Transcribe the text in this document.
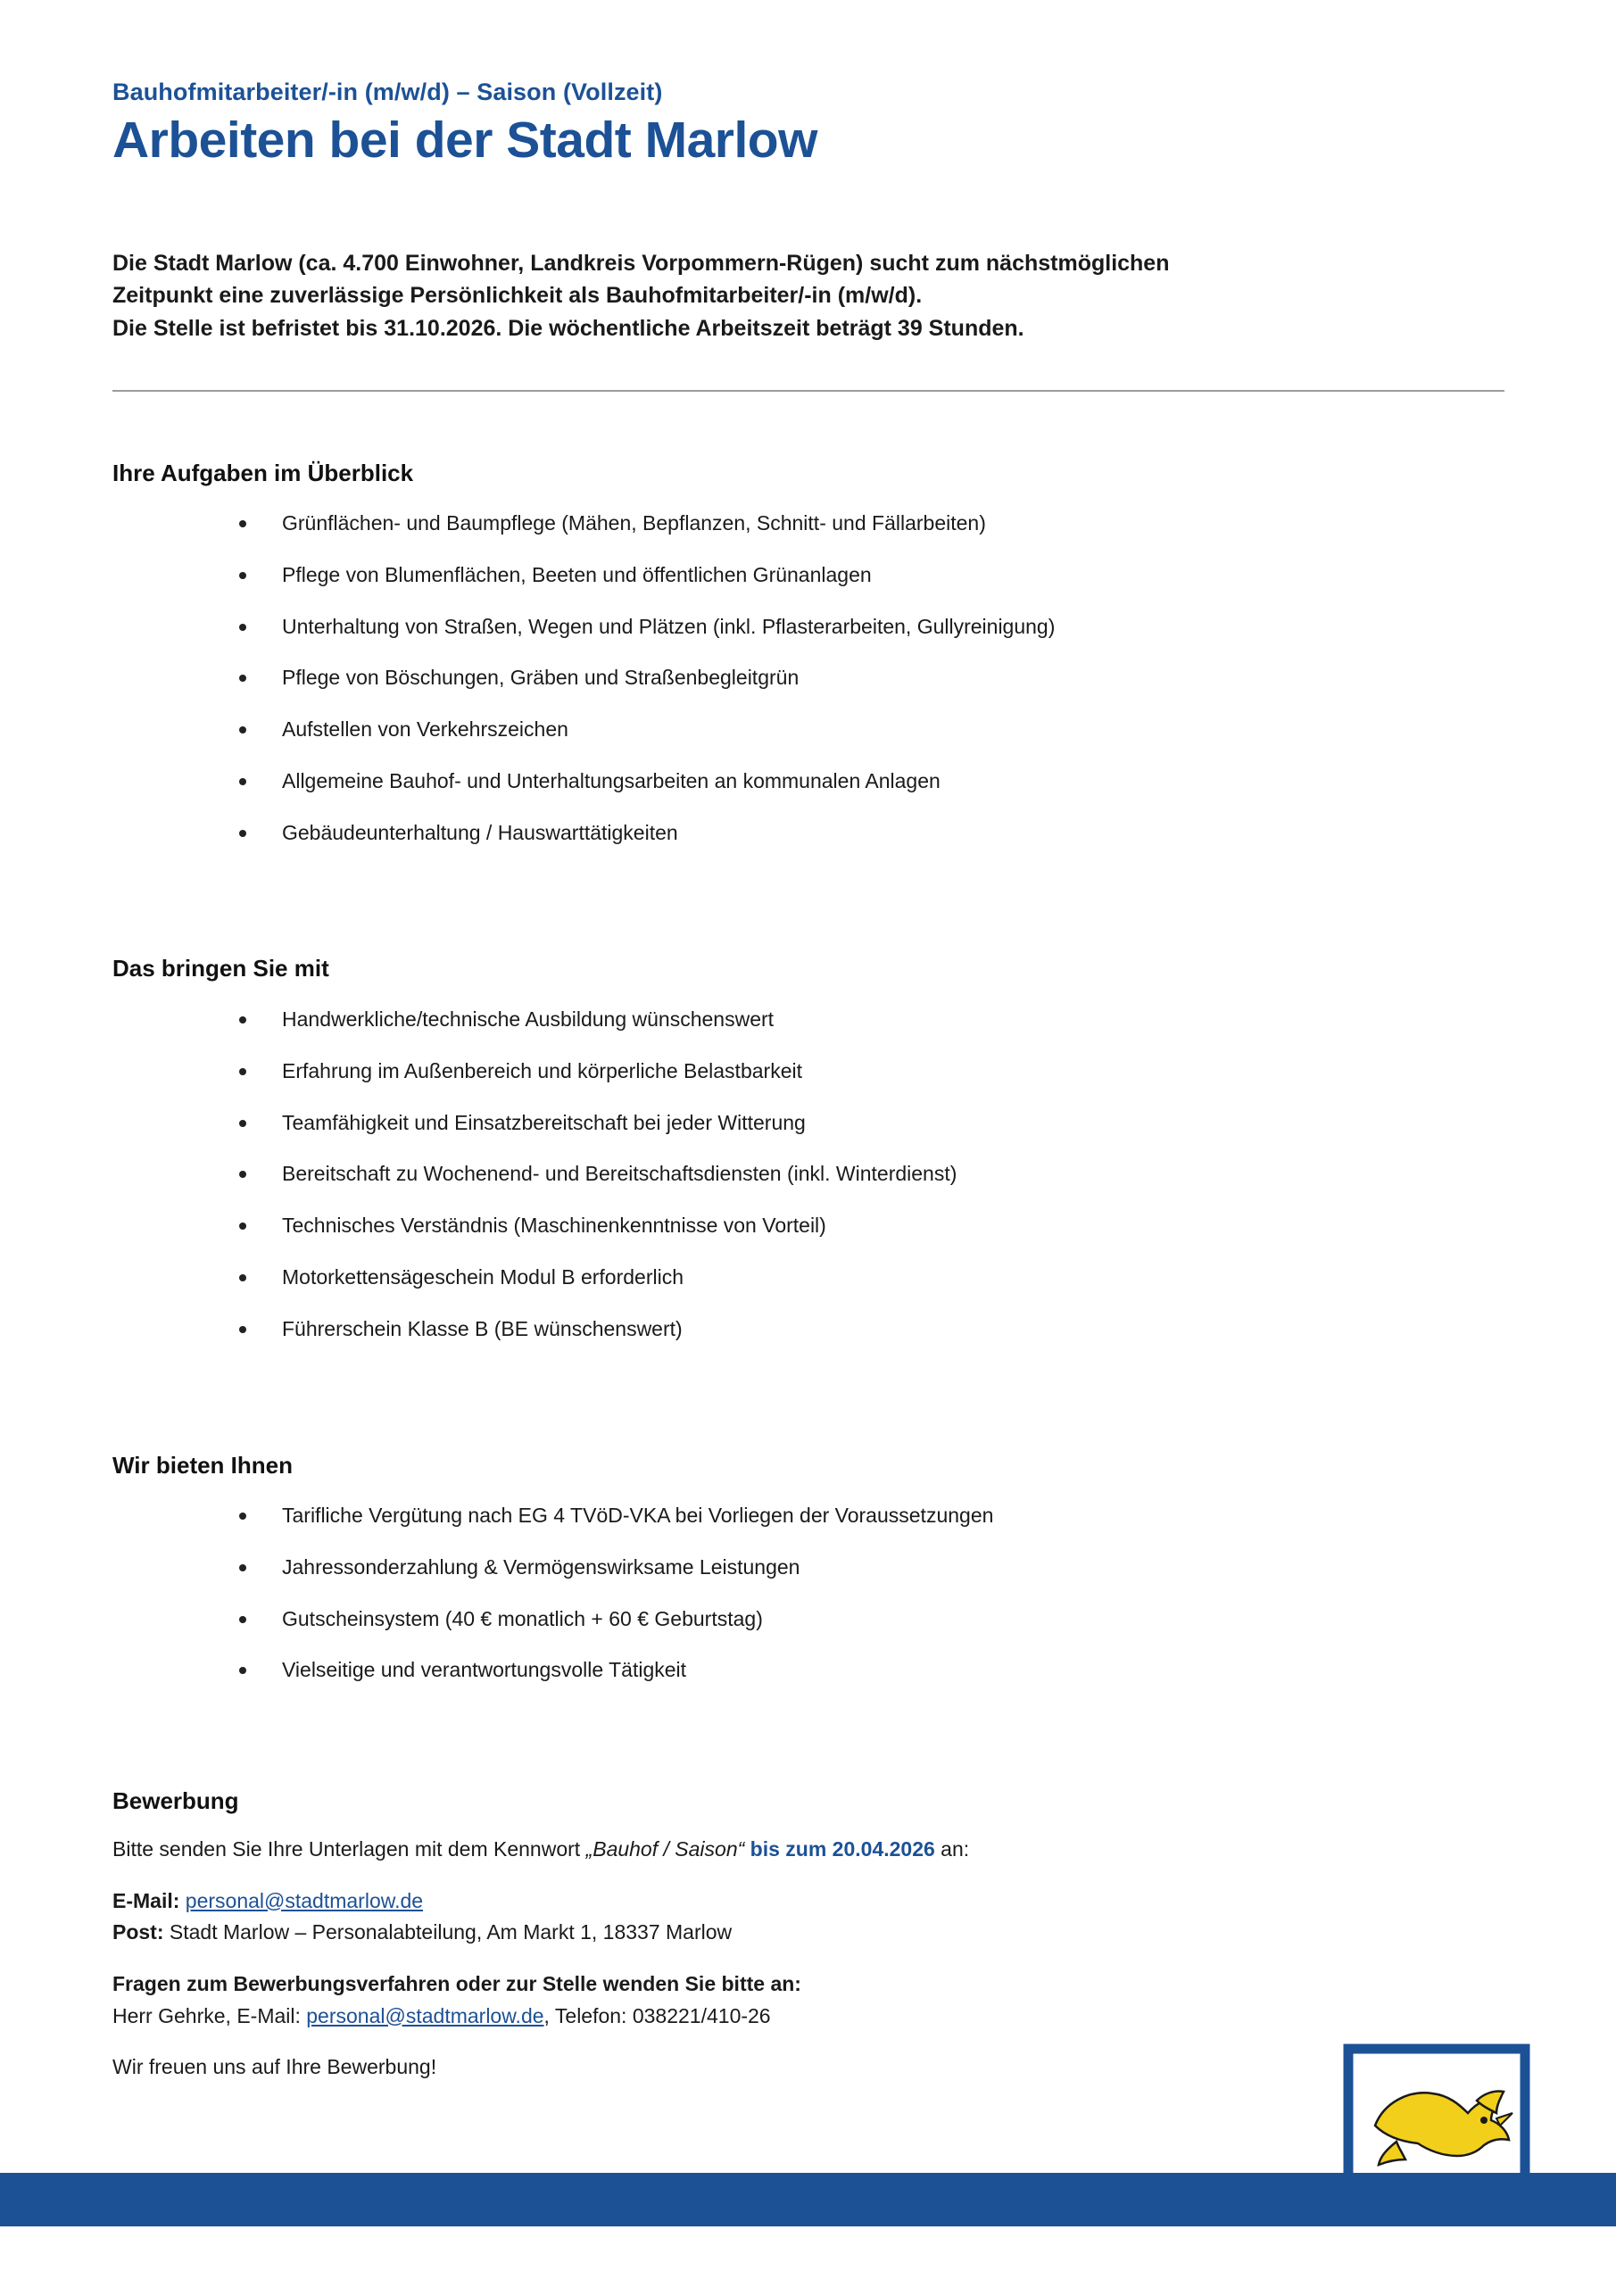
Bauhofmitarbeiter/-in (m/w/d) – Saison (Vollzeit)
Arbeiten bei der Stadt Marlow

Die Stadt Marlow (ca. 4.700 Einwohner, Landkreis Vorpommern-Rügen) sucht zum nächstmöglichen

Zeitpunkt eine zuverlässige Persönlichkeit als Bauhofmitarbeiter/-in (m/w/d).

Die Stelle ist befristet bis 31.10.2026. Die wöchentliche Arbeitszeit beträgt 39 Stunden.

Ihre Aufgaben im Überblick
Grünflächen- und Baumpflege (Mähen, Bepflanzen, Schnitt- und Fällarbeiten)
Pflege von Blumenflächen, Beeten und öffentlichen Grünanlagen
Unterhaltung von Straßen, Wegen und Plätzen (inkl. Pflasterarbeiten, Gullyreinigung)
Pflege von Böschungen, Gräben und Straßenbegleitgrün
Aufstellen von Verkehrszeichen
Allgemeine Bauhof- und Unterhaltungsarbeiten an kommunalen Anlagen
Gebäudeunterhaltung / Hauswarttätigkeiten
Das bringen Sie mit
Handwerkliche/technische Ausbildung wünschenswert
Erfahrung im Außenbereich und körperliche Belastbarkeit
Teamfähigkeit und Einsatzbereitschaft bei jeder Witterung
Bereitschaft zu Wochenend- und Bereitschaftsdiensten (inkl. Winterdienst)
Technisches Verständnis (Maschinenkenntnisse von Vorteil)
Motorkettensägeschein Modul B erforderlich
Führerschein Klasse B (BE wünschenswert)
Wir bieten Ihnen
Tarifliche Vergütung nach EG 4 TVöD-VKA bei Vorliegen der Voraussetzungen
Jahressonderzahlung & Vermögenswirksame Leistungen
Gutscheinsystem (40 € monatlich + 60 € Geburtstag)
Vielseitige und verantwortungsvolle Tätigkeit
Bewerbung

Bitte senden Sie Ihre Unterlagen mit dem Kennwort „Bauhof / Saison“ bis zum 20.04.2026 an:

E-Mail: personal@stadtmarlow.de

Post: Stadt Marlow – Personalabteilung, Am Markt 1, 18337 Marlow

Fragen zum Bewerbungsverfahren oder zur Stelle wenden Sie bitte an:

Herr Gehrke, E-Mail: personal@stadtmarlow.de, Telefon: 038221/410-26

Wir freuen uns auf Ihre Bewerbung!
